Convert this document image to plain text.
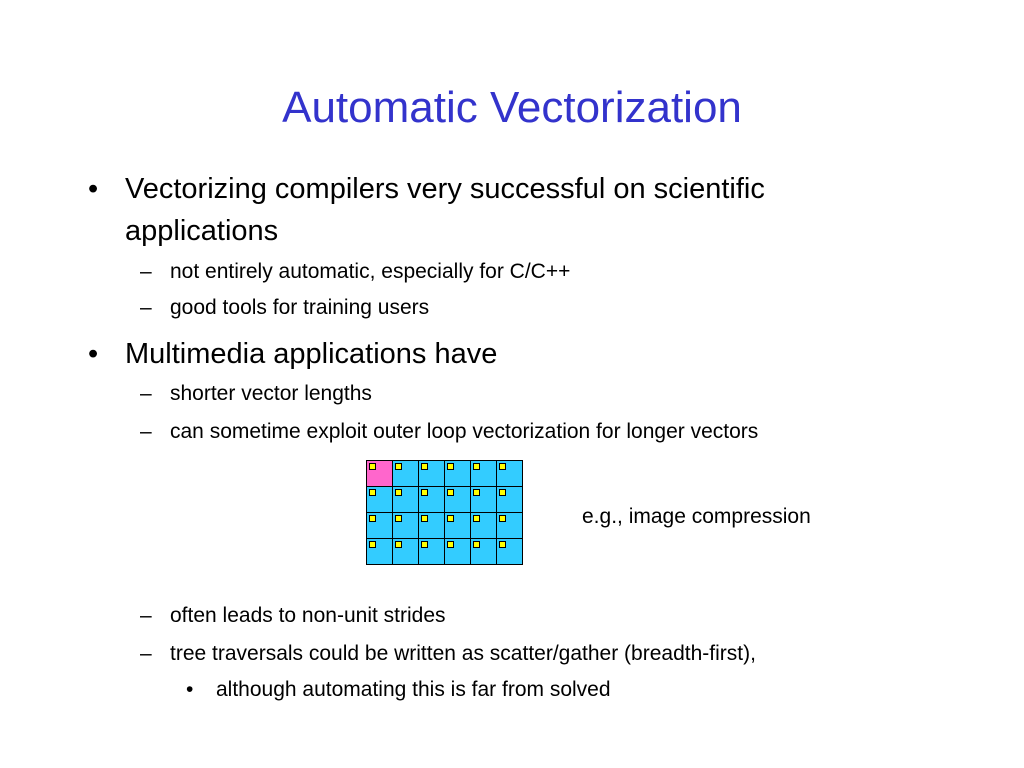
Automatic Vectorization
• Vectorizing compilers very successful on scientific
applications
– not entirely automatic, especially for C/C++
– good tools for training users
• Multimedia applications have
– shorter vector lengths
– can sometime exploit outer loop vectorization for longer vectors
e.g., image compression
– often leads to non-unit strides
– tree traversals could be written as scatter/gather (breadth-first),
• although automating this is far from solved
